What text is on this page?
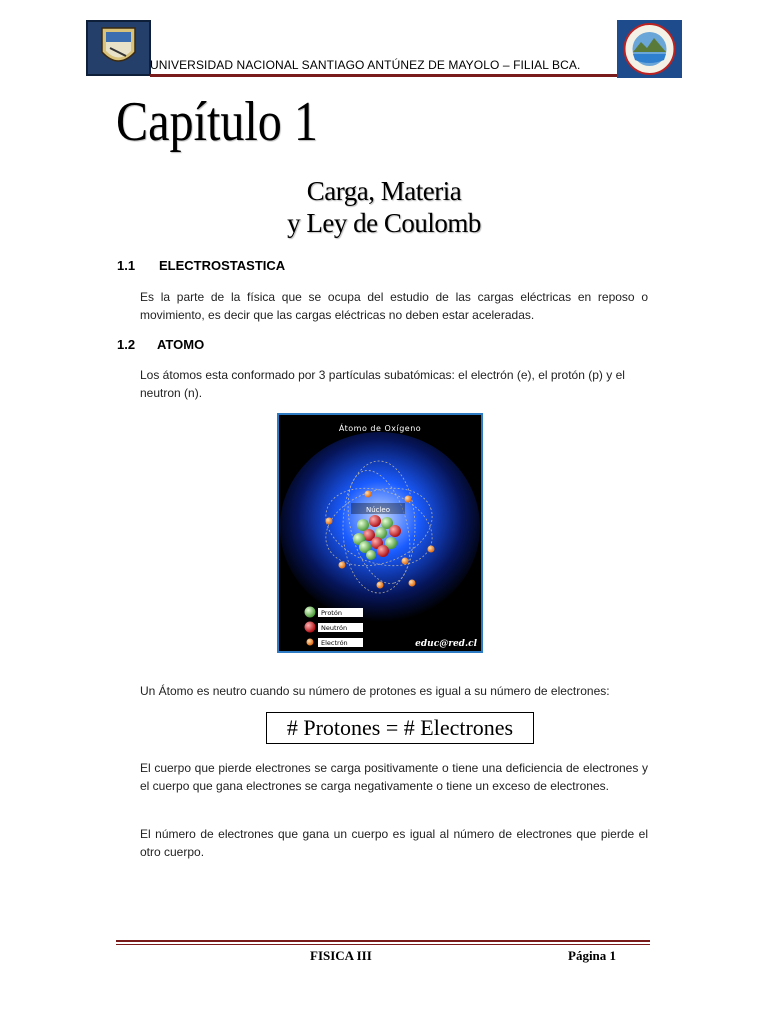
UNIVERSIDAD NACIONAL SANTIAGO ANTÚNEZ DE MAYOLO – FILIAL BCA.
Capítulo 1
Carga, Materia
y Ley de Coulomb
1.1 ELECTROSTASTICA
Es la parte de la física que se ocupa del estudio de las cargas eléctricas en reposo o movimiento, es decir que las cargas eléctricas no deben estar aceleradas.
1.2 ATOMO
Los átomos esta conformado por 3 partículas subatómicas: el electrón (e), el protón (p) y el neutron (n).
Átomo de Oxígeno
Núcleo
Protón
Neutrón
Electrón	educ@red.cl
Un Átomo es neutro cuando su número de protones es igual a su número de electrones:
# Protones = # Electrones
El cuerpo que pierde electrones se carga positivamente o tiene una deficiencia de electrones y el cuerpo que gana electrones se carga negativamente o tiene un exceso de electrones.
El número de electrones que gana un cuerpo es igual al número de electrones que pierde el otro cuerpo.
FISICA III	Página 1
